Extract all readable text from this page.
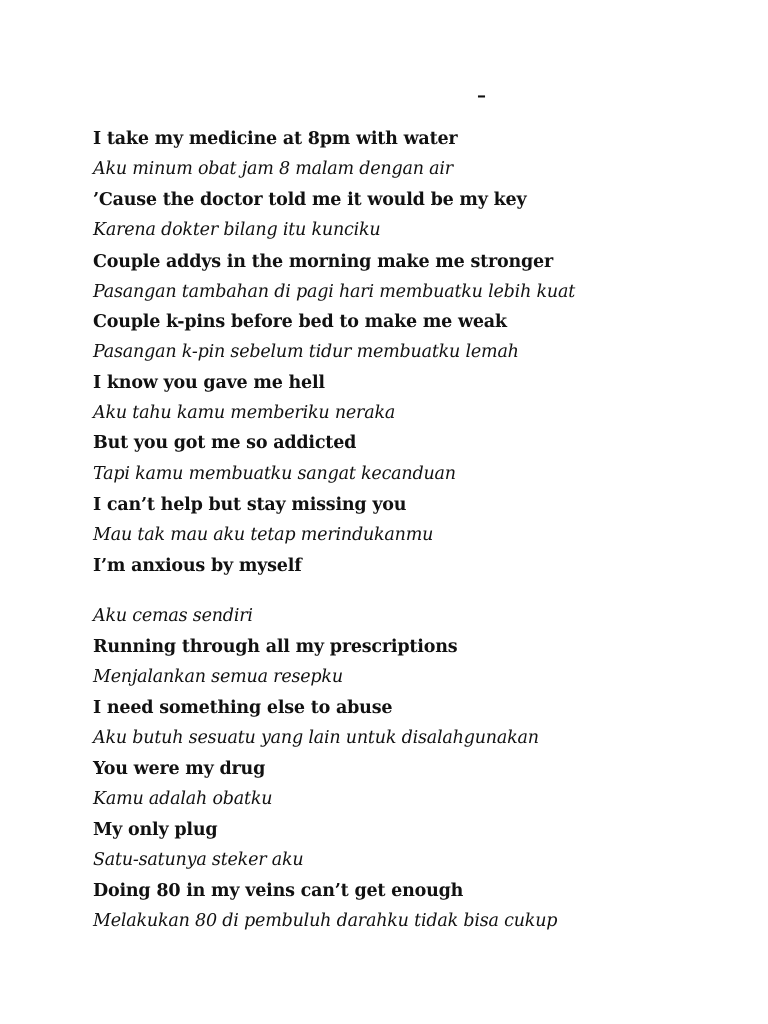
–
I take my medicine at 8pm with water
Aku minum obat jam 8 malam dengan air
’Cause the doctor told me it would be my key
Karena dokter bilang itu kunciku
Couple addys in the morning make me stronger
Pasangan tambahan di pagi hari membuatku lebih kuat
Couple k-pins before bed to make me weak
Pasangan k-pin sebelum tidur membuatku lemah
I know you gave me hell
Aku tahu kamu memberiku neraka
But you got me so addicted
Tapi kamu membuatku sangat kecanduan
I can’t help but stay missing you
Mau tak mau aku tetap merindukanmu
I’m anxious by myself
Aku cemas sendiri
Running through all my prescriptions
Menjalankan semua resepku
I need something else to abuse
Aku butuh sesuatu yang lain untuk disalahgunakan
You were my drug
Kamu adalah obatku
My only plug
Satu-satunya steker aku
Doing 80 in my veins can’t get enough
Melakukan 80 di pembuluh darahku tidak bisa cukup
